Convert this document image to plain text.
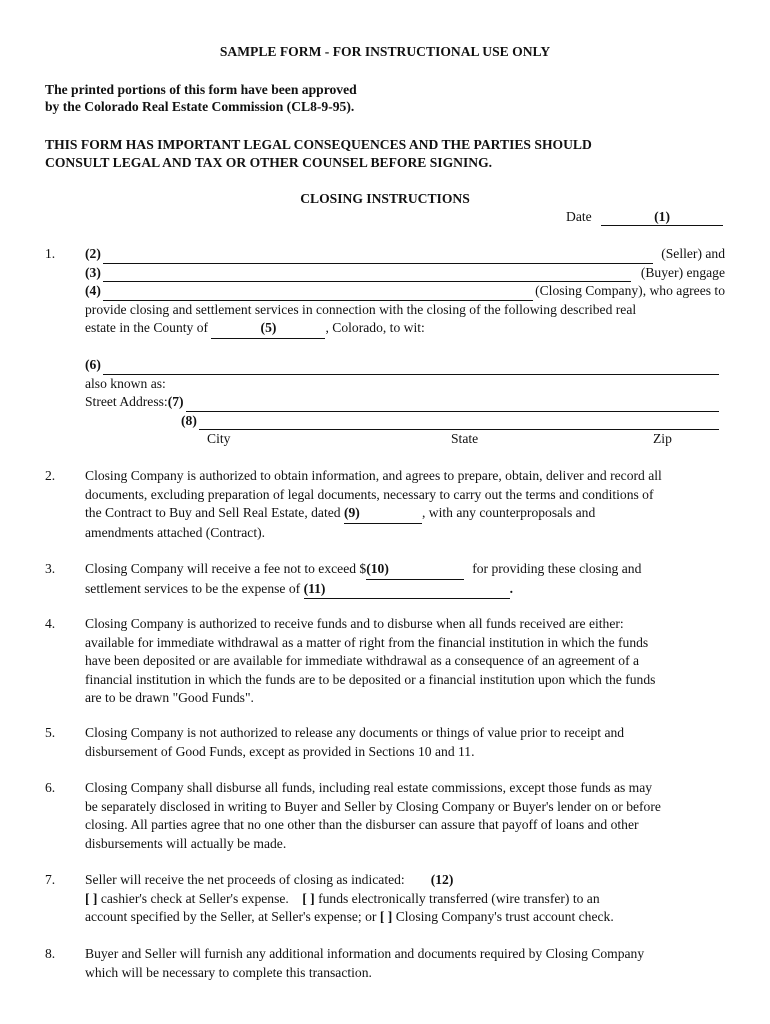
SAMPLE FORM - FOR INSTRUCTIONAL USE ONLY
The printed portions of this form have been approved
by the Colorado Real Estate Commission (CL8-9-95).
THIS FORM HAS IMPORTANT LEGAL CONSEQUENCES AND THE PARTIES SHOULD
CONSULT LEGAL AND TAX OR OTHER COUNSEL BEFORE SIGNING.
CLOSING INSTRUCTIONS
Date	(1)
1. (2)	(Seller) and
(3)	(Buyer) engage
(4)	(Closing Company), who agrees to
provide closing and settlement services in connection with the closing of the following described real
estate in the County of	(5)	, Colorado, to wit:
(6)
also known as:
Street Address: (7)
(8)
City	State	Zip
2. Closing Company is authorized to obtain information, and agrees to prepare, obtain, deliver and record all
documents, excluding preparation of legal documents, necessary to carry out the terms and conditions of
the Contract to Buy and Sell Real Estate, dated (9)	, with any counterproposals and
amendments attached (Contract).
3. Closing Company will receive a fee not to exceed $(10)	for providing these closing and
settlement services to be the expense of (11)	.
4. Closing Company is authorized to receive funds and to disburse when all funds received are either:
available for immediate withdrawal as a matter of right from the financial institution in which the funds
have been deposited or are available for immediate withdrawal as a consequence of an agreement of a
financial institution in which the funds are to be deposited or a financial institution upon which the funds
are to be drawn "Good Funds".
5. Closing Company is not authorized to release any documents or things of value prior to receipt and
disbursement of Good Funds, except as provided in Sections 10 and 11.
6. Closing Company shall disburse all funds, including real estate commissions, except those funds as may
be separately disclosed in writing to Buyer and Seller by Closing Company or Buyer's lender on or before
closing. All parties agree that no one other than the disburser can assure that payoff of loans and other
disbursements will actually be made.
7. Seller will receive the net proceeds of closing as indicated: (12)
[ ] cashier's check at Seller's expense. [ ] funds electronically transferred (wire transfer) to an
account specified by the Seller, at Seller's expense; or [ ] Closing Company's trust account check.
8. Buyer and Seller will furnish any additional information and documents required by Closing Company
which will be necessary to complete this transaction.
